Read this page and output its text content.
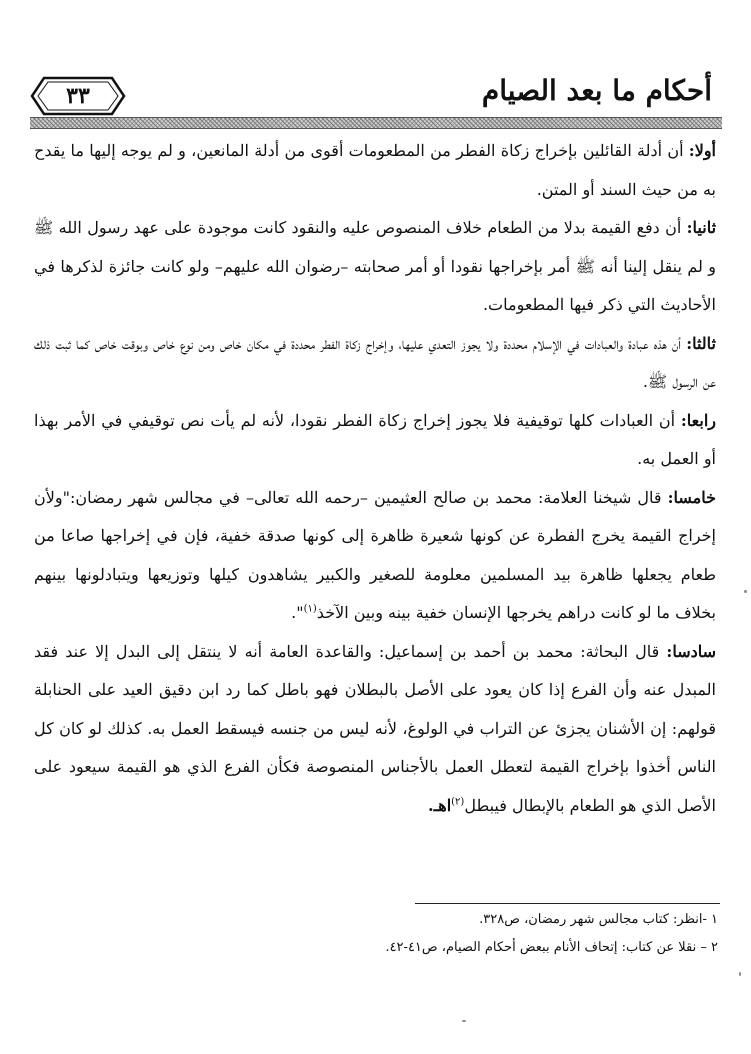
٣٣	أحكام ما بعد الصيام

أولا: أن أدلة القائلين بإخراج زكاة الفطر من المطعومات أقوى من أدلة المانعين، و لم يوجه إليها ما يقدح به من حيث السند أو المتن.

ثانيا: أن دفع القيمة بدلا من الطعام خلاف المنصوص عليه والنقود كانت موجودة على عهد رسول الله ﷺ و لم ينقل إلينا أنه ﷺ أمر بإخراجها نقودا أو أمر صحابته –رضوان الله عليهم– ولو كانت جائزة لذكرها في الأحاديث التي ذكر فيها المطعومات.

ثالثا: أن هذه عبادة والعبادات في الإسلام محددة ولا يجوز التعدي عليها، وإخراج زكاة الفطر محددة في مكان خاص ومن نوع خاص وبوقت خاص كما ثبت ذلك عن الرسول ﷺ.

رابعا: أن العبادات كلها توقيفية فلا يجوز إخراج زكاة الفطر نقودا، لأنه لم يأت نص توقيفي في الأمر بهذا أو العمل به.

خامسا: قال شيخنا العلامة: محمد بن صالح العثيمين –رحمه الله تعالى– في مجالس شهر رمضان:"ولأن إخراج القيمة يخرج الفطرة عن كونها شعيرة ظاهرة إلى كونها صدقة خفية، فإن في إخراجها صاعا من طعام يجعلها ظاهرة بيد المسلمين معلومة للصغير والكبير يشاهدون كيلها وتوزيعها ويتبادلونها بينهم بخلاف ما لو كانت دراهم يخرجها الإنسان خفية بينه وبين الآخذ$^{(١)}$".

سادسا: قال البحاثة: محمد بن أحمد بن إسماعيل: والقاعدة العامة أنه لا ينتقل إلى البدل إلا عند فقد المبدل عنه وأن الفرع إذا كان يعود على الأصل بالبطلان فهو باطل كما رد ابن دقيق العيد على الحنابلة قولهم: إن الأشنان يجزئ عن التراب في الولوغ، لأنه ليس من جنسه فيسقط العمل به. كذلك لو كان كل الناس أخذوا بإخراج القيمة لتعطل العمل بالأجناس المنصوصة فكأن الفرع الذي هو القيمة سيعود على الأصل الذي هو الطعام بالإبطال فيبطل$^{(٢)}$اهـ.

١ -انظر: كتاب مجالس شهر رمضان، ص٣٢٨.

٢ – نقلا عن كتاب: إتحاف الأنام ببعض أحكام الصيام، ص٤١-٤٢.
